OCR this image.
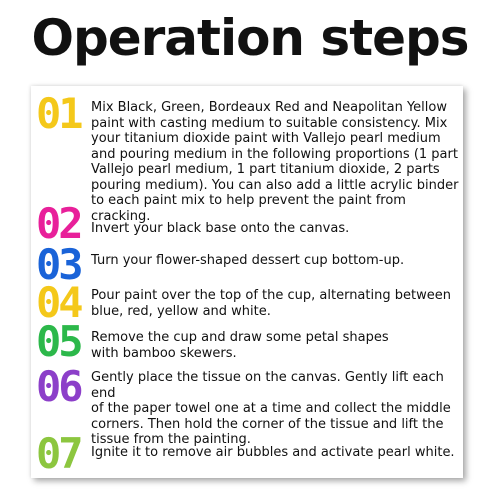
Operation steps
01 Mix Black, Green, Bordeaux Red and Neapolitan Yellow
paint with casting medium to suitable consistency. Mix
your titanium dioxide paint with Vallejo pearl medium
and pouring medium in the following proportions (1 part
Vallejo pearl medium, 1 part titanium dioxide, 2 parts
pouring medium). You can also add a little acrylic binder
to each paint mix to help prevent the paint from cracking.
02 Invert your black base onto the canvas.
03 Turn your flower-shaped dessert cup bottom-up.
04 Pour paint over the top of the cup, alternating between
blue, red, yellow and white.
05 Remove the cup and draw some petal shapes
with bamboo skewers.
06 Gently place the tissue on the canvas. Gently lift each end
of the paper towel one at a time and collect the middle
corners. Then hold the corner of the tissue and lift the
tissue from the painting.
07 Ignite it to remove air bubbles and activate pearl white.
